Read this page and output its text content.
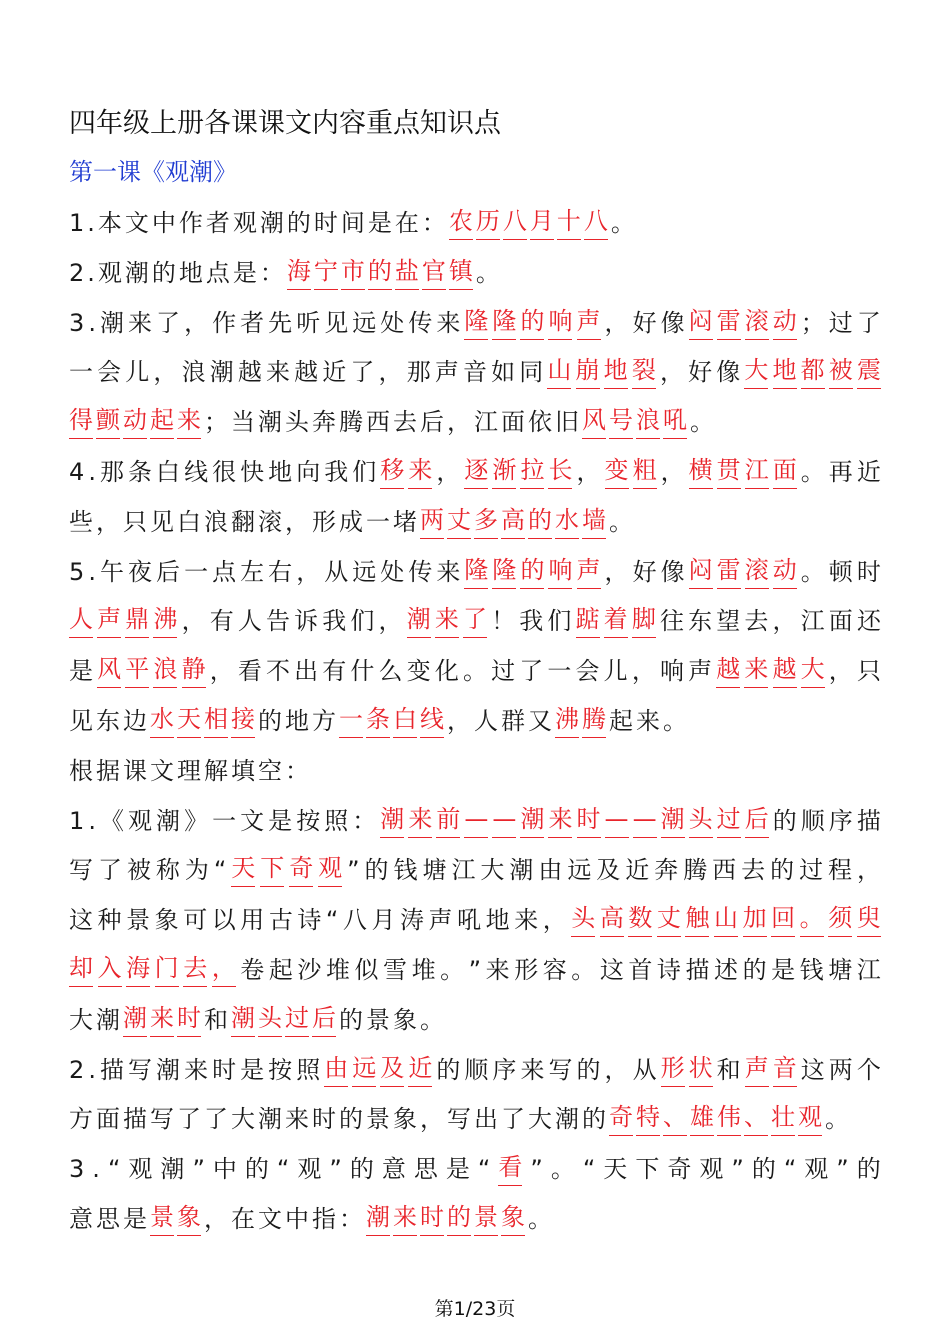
四年级上册各课课文内容重点知识点
第一课《观潮》
1 . 本 文 中 作 者 观 潮 的 时 间 是 在 ： 农 历 八 月 十 八 。
2 . 观 潮 的 地 点 是 ： 海 宁 市 的 盐 官 镇 。
3 . 潮 来 了 ， 作 者 先 听 见 远 处 传 来 隆 隆 的 响 声 ， 好 像 闷 雷 滚 动 ； 过 了
一 会 儿 ， 浪 潮 越 来 越 近 了 ， 那 声 音 如 同 山 崩 地 裂 ， 好 像 大 地 都 被 震
得 颤 动 起 来 ； 当 潮 头 奔 腾 西 去 后 ， 江 面 依 旧 风 号 浪 吼 。
4 . 那 条 白 线 很 快 地 向 我 们 移 来 ， 逐 渐 拉 长 ， 变 粗 ， 横 贯 江 面 。 再 近
些 ， 只 见 白 浪 翻 滚 ， 形 成 一 堵 两 丈 多 高 的 水 墙 。
5 . 午 夜 后 一 点 左 右 ， 从 远 处 传 来 隆 隆 的 响 声 ， 好 像 闷 雷 滚 动 。 顿 时
人 声 鼎 沸 ， 有 人 告 诉 我 们 ， 潮 来 了 ！ 我 们 踮 着 脚 往 东 望 去 ， 江 面 还
是 风 平 浪 静 ， 看 不 出 有 什 么 变 化 。 过 了 一 会 儿 ， 响 声 越 来 越 大 ， 只
见 东 边 水 天 相 接 的 地 方 一 条 白 线 ， 人 群 又 沸 腾 起 来 。
根 据 课 文 理 解 填 空 ：
1 . 《 观 潮 》 一 文 是 按 照 ： 潮 来 前 — — 潮 来 时 — — 潮 头 过 后 的 顺 序 描
写 了 被 称 为 “ 天 下 奇 观 ” 的 钱 塘 江 大 潮 由 远 及 近 奔 腾 西 去 的 过 程 ，
这 种 景 象 可 以 用 古 诗 “ 八 月 涛 声 吼 地 来 ， 头 高 数 丈 触 山 加 回 。 须 臾
却 入 海 门 去 ， 卷 起 沙 堆 似 雪 堆 。 ” 来 形 容 。 这 首 诗 描 述 的 是 钱 塘 江
大 潮 潮 来 时 和 潮 头 过 后 的 景 象 。
2 . 描 写 潮 来 时 是 按 照 由 远 及 近 的 顺 序 来 写 的 ， 从 形 状 和 声 音 这 两 个
方 面 描 写 了 了 大 潮 来 时 的 景 象 ， 写 出 了 大 潮 的 奇 特 、 雄 伟 、 壮 观 。
3 . “ 观 潮 ” 中 的 “ 观 ” 的 意 思 是 “ 看 ” 。 “ 天 下 奇 观 ” 的 “ 观 ” 的
意 思 是 景 象 ， 在 文 中 指 ： 潮 来 时 的 景 象 。
第1/23页
